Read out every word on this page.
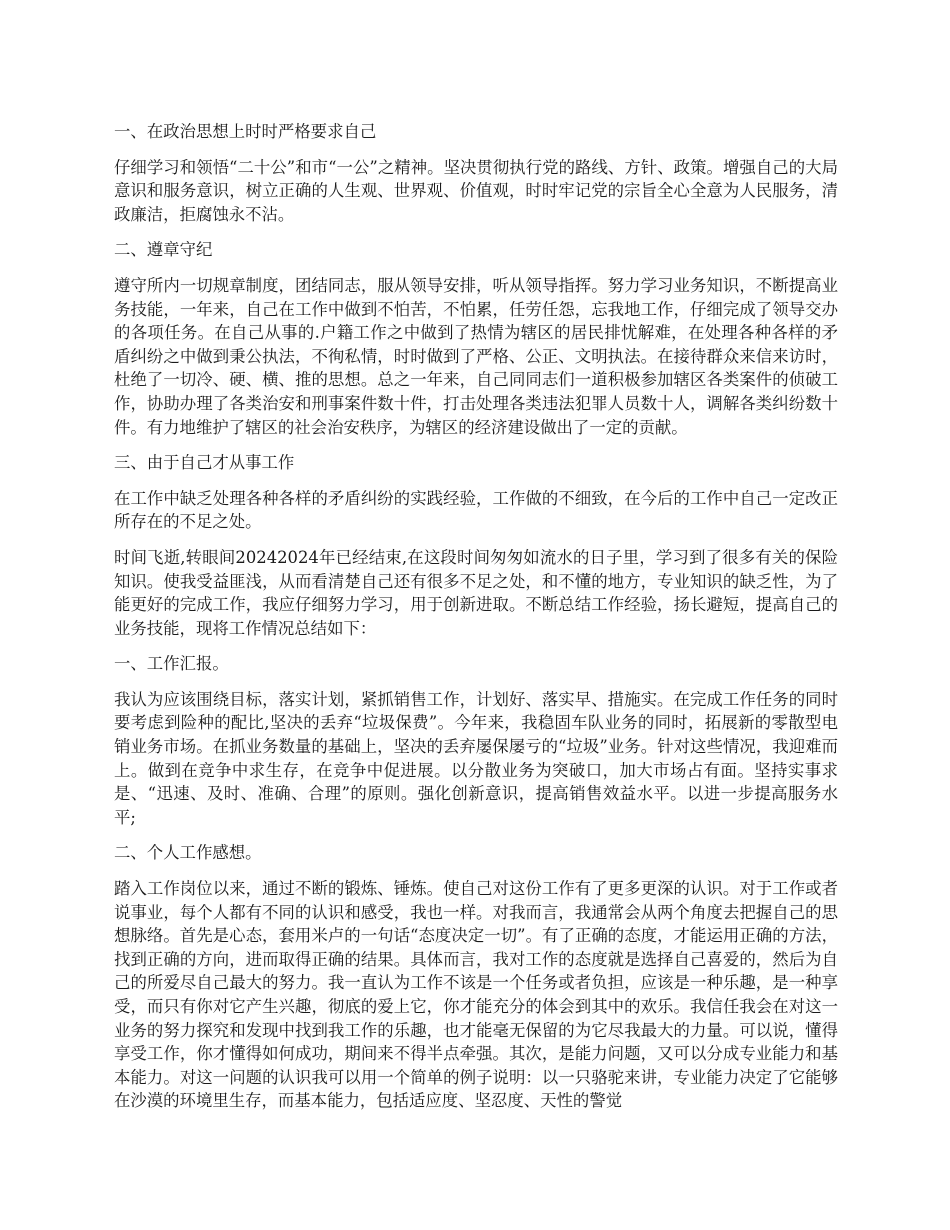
一、在政治思想上时时严格要求自己
仔细学习和领悟“二十公”和市“一公”之精神。坚决贯彻执行党的路线、方针、政策。增强自己的大局意识和服务意识，树立正确的人生观、世界观、价值观，时时牢记党的宗旨全心全意为人民服务，清政廉洁，拒腐蚀永不沾。
二、遵章守纪
遵守所内一切规章制度，团结同志，服从领导安排，听从领导指挥。努力学习业务知识，不断提高业务技能，一年来，自己在工作中做到不怕苦，不怕累，任劳任怨，忘我地工作，仔细完成了领导交办的各项任务。在自己从事的.户籍工作之中做到了热情为辖区的居民排忧解难，在处理各种各样的矛盾纠纷之中做到秉公执法，不徇私情，时时做到了严格、公正、文明执法。在接待群众来信来访时，杜绝了一切冷、硬、横、推的思想。总之一年来，自己同同志们一道积极参加辖区各类案件的侦破工作，协助办理了各类治安和刑事案件数十件，打击处理各类违法犯罪人员数十人，调解各类纠纷数十件。有力地维护了辖区的社会治安秩序，为辖区的经济建设做出了一定的贡献。
三、由于自己才从事工作
在工作中缺乏处理各种各样的矛盾纠纷的实践经验，工作做的不细致，在今后的工作中自己一定改正所存在的不足之处。
时间飞逝,转眼间20242024年已经结束,在这段时间匆匆如流水的日子里，学习到了很多有关的保险知识。使我受益匪浅，从而看清楚自己还有很多不足之处，和不懂的地方，专业知识的缺乏性，为了能更好的完成工作，我应仔细努力学习，用于创新进取。不断总结工作经验，扬长避短，提高自己的业务技能，现将工作情况总结如下：
一、工作汇报。
我认为应该围绕目标，落实计划，紧抓销售工作，计划好、落实早、措施实。在完成工作任务的同时要考虑到险种的配比,坚决的丢弃“垃圾保费”。今年来，我稳固车队业务的同时，拓展新的零散型电销业务市场。在抓业务数量的基础上，坚决的丢弃屡保屡亏的“垃圾”业务。针对这些情况，我迎难而上。做到在竞争中求生存，在竞争中促进展。以分散业务为突破口，加大市场占有面。坚持实事求是、“迅速、及时、准确、合理”的原则。强化创新意识，提高销售效益水平。以进一步提高服务水平;
二、个人工作感想。
踏入工作岗位以来，通过不断的锻炼、锤炼。使自己对这份工作有了更多更深的认识。对于工作或者说事业，每个人都有不同的认识和感受，我也一样。对我而言，我通常会从两个角度去把握自己的思想脉络。首先是心态，套用米卢的一句话“态度决定一切”。有了正确的态度，才能运用正确的方法，找到正确的方向，进而取得正确的结果。具体而言，我对工作的态度就是选择自己喜爱的，然后为自己的所爱尽自己最大的努力。我一直认为工作不该是一个任务或者负担，应该是一种乐趣，是一种享受，而只有你对它产生兴趣，彻底的爱上它，你才能充分的体会到其中的欢乐。我信任我会在对这一业务的努力探究和发现中找到我工作的乐趣，也才能毫无保留的为它尽我最大的力量。可以说，懂得享受工作，你才懂得如何成功，期间来不得半点牵强。其次，是能力问题，又可以分成专业能力和基本能力。对这一问题的认识我可以用一个简单的例子说明：以一只骆驼来讲，专业能力决定了它能够在沙漠的环境里生存，而基本能力，包括适应度、坚忍度、天性的警觉
